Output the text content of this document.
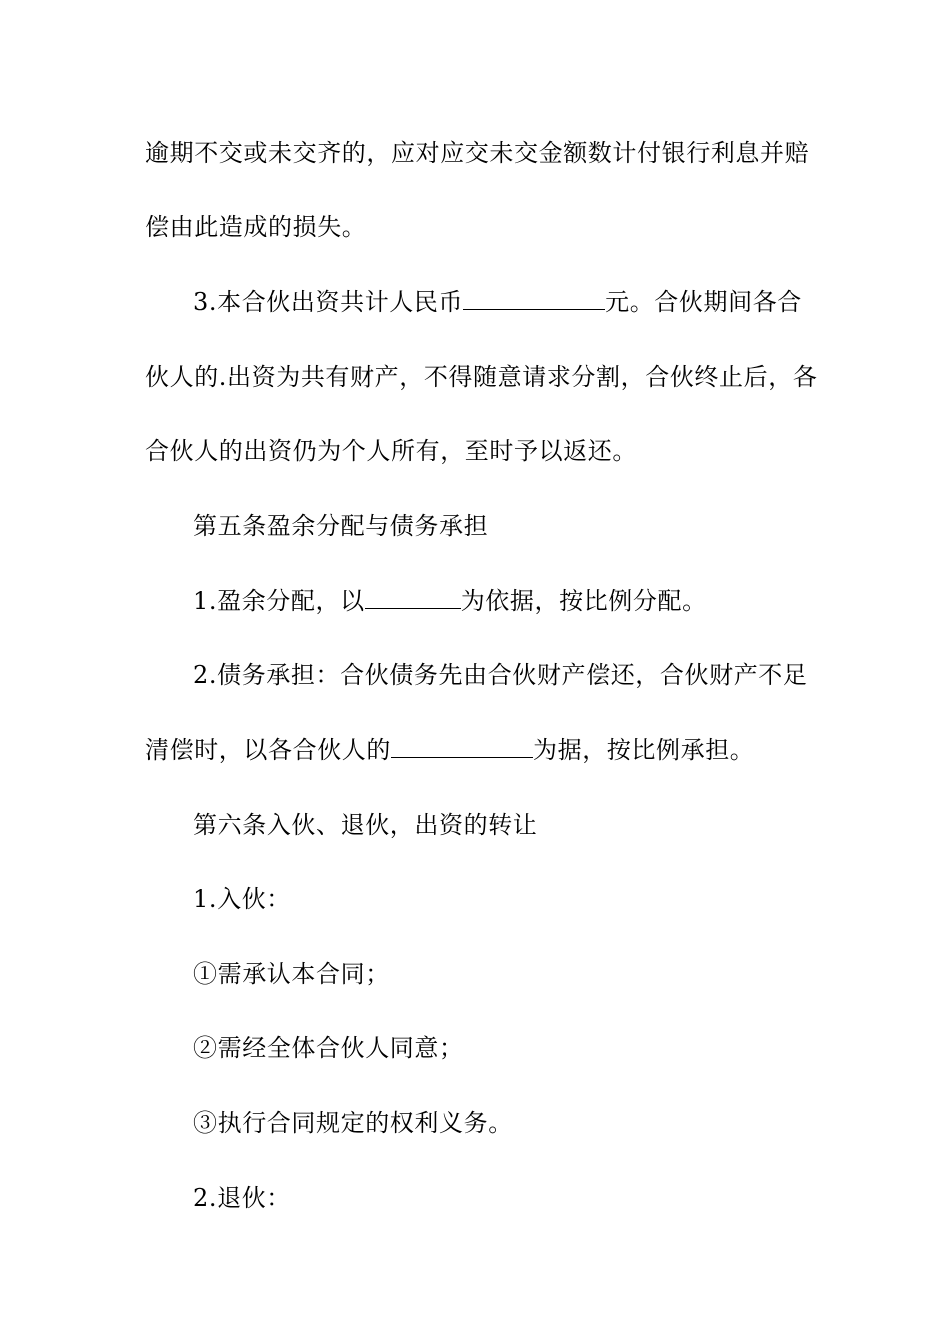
逾期不交或未交齐的，应对应交未交金额数计付银行利息并赔
偿由此造成的损失。
3.本合伙出资共计人民币	元。合伙期间各合
伙人的.出资为共有财产，不得随意请求分割，合伙终止后，各
合伙人的出资仍为个人所有，至时予以返还。
第五条盈余分配与债务承担
1.盈余分配，以	为依据，按比例分配。
2.债务承担：合伙债务先由合伙财产偿还，合伙财产不足
清偿时，以各合伙人的	为据，按比例承担。
第六条入伙、退伙，出资的转让
1.入伙：
①需承认本合同；
②需经全体合伙人同意；
③执行合同规定的权利义务。
2.退伙：
